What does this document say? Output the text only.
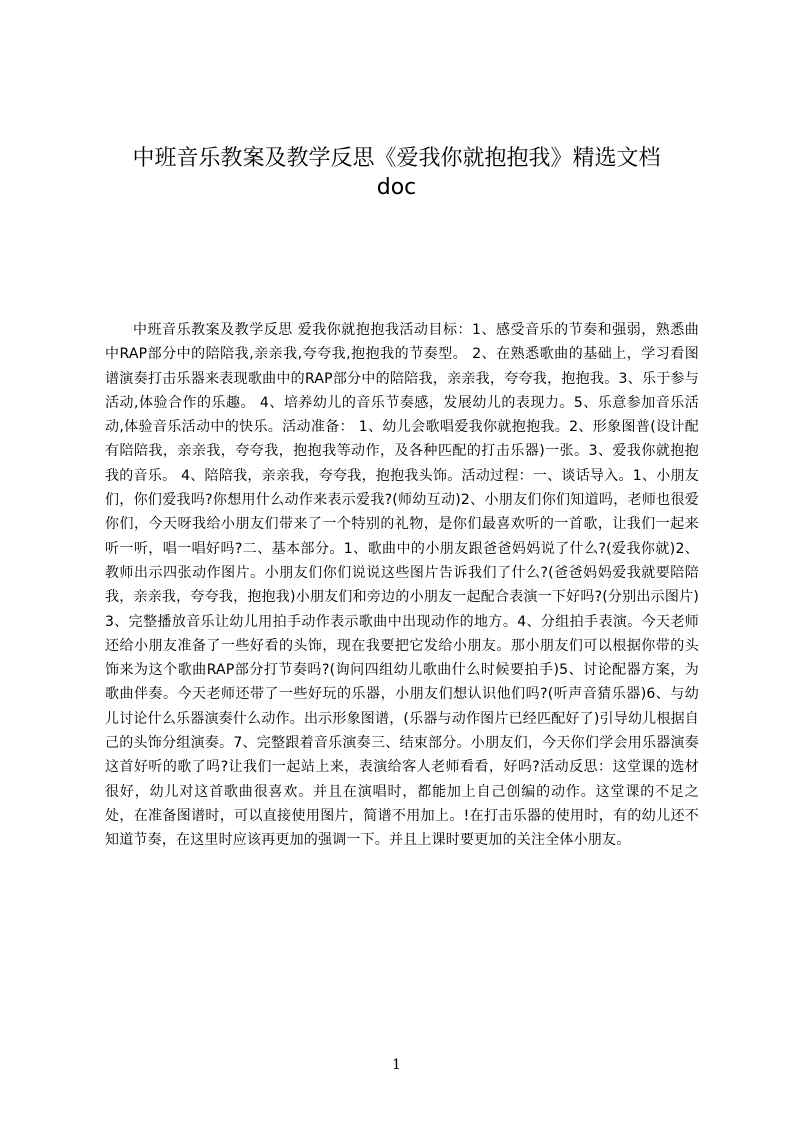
中班音乐教案及教学反思《爱我你就抱抱我》精选文档
doc
中班音乐教案及教学反思 爱我你就抱抱我活动目标：1、感受音乐的节奏和强弱，熟悉曲中RAP部分中的陪陪我,亲亲我,夸夸我,抱抱我的节奏型。 2、在熟悉歌曲的基础上，学习看图谱演奏打击乐器来表现歌曲中的RAP部分中的陪陪我，亲亲我，夸夸我，抱抱我。3、乐于参与活动,体验合作的乐趣。 4、培养幼儿的音乐节奏感，发展幼儿的表现力。5、乐意参加音乐活动,体验音乐活动中的快乐。活动准备： 1、幼儿会歌唱爱我你就抱抱我。2、形象图普(设计配有陪陪我，亲亲我，夸夸我，抱抱我等动作，及各种匹配的打击乐器)一张。3、爱我你就抱抱我的音乐。 4、陪陪我，亲亲我，夸夸我，抱抱我头饰。活动过程：一、谈话导入。1、小朋友们，你们爱我吗?你想用什么动作来表示爱我?(师幼互动)2、小朋友们你们知道吗，老师也很爱你们，今天呀我给小朋友们带来了一个特别的礼物，是你们最喜欢听的一首歌，让我们一起来听一听，唱一唱好吗?二、基本部分。1、歌曲中的小朋友跟爸爸妈妈说了什么?(爱我你就)2、教师出示四张动作图片。小朋友们你们说说这些图片告诉我们了什么?(爸爸妈妈爱我就要陪陪我，亲亲我，夸夸我，抱抱我)小朋友们和旁边的小朋友一起配合表演一下好吗?(分别出示图片)3、完整播放音乐让幼儿用拍手动作表示歌曲中出现动作的地方。4、分组拍手表演。今天老师还给小朋友准备了一些好看的头饰，现在我要把它发给小朋友。那小朋友们可以根据你带的头饰来为这个歌曲RAP部分打节奏吗?(询问四组幼儿歌曲什么时候要拍手)5、讨论配器方案，为歌曲伴奏。今天老师还带了一些好玩的乐器，小朋友们想认识他们吗?(听声音猜乐器)6、与幼儿讨论什么乐器演奏什么动作。出示形象图谱，(乐器与动作图片已经匹配好了)引导幼儿根据自己的头饰分组演奏。7、完整跟着音乐演奏三、结束部分。小朋友们，今天你们学会用乐器演奏这首好听的歌了吗?让我们一起站上来，表演给客人老师看看，好吗?活动反思：这堂课的选材很好，幼儿对这首歌曲很喜欢。并且在演唱时，都能加上自己创编的动作。这堂课的不足之处，在准备图谱时，可以直接使用图片，简谱不用加上。!在打击乐器的使用时，有的幼儿还不知道节奏，在这里时应该再更加的强调一下。并且上课时要更加的关注全体小朋友。
1
